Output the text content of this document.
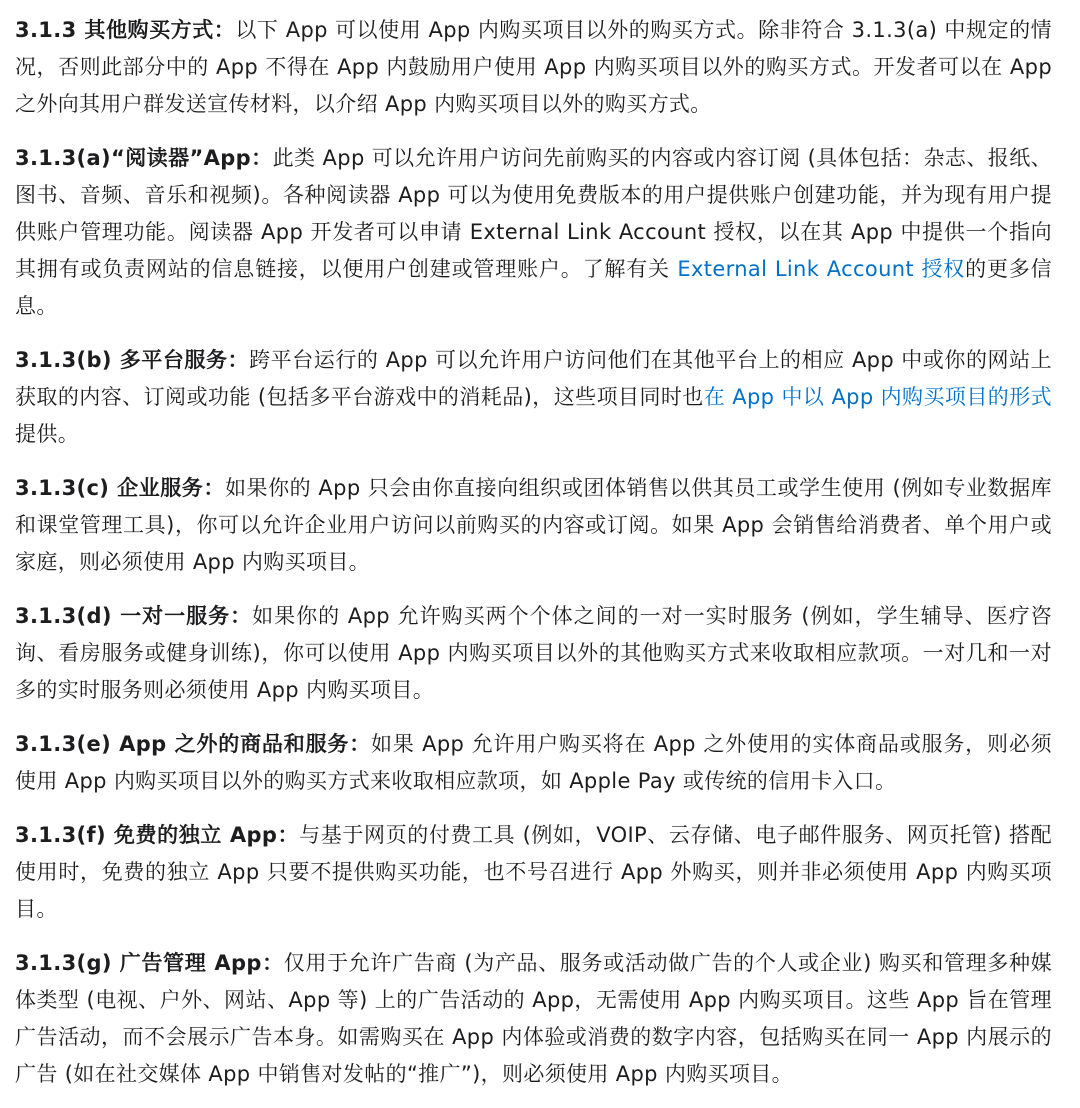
3.1.3 其他购买方式：以下 App 可以使用 App 内购买项目以外的购买方式。除非符合 3.1.3(a) 中规定的情况，否则此部分中的 App 不得在 App 内鼓励用户使用 App 内购买项目以外的购买方式。开发者可以在 App 之外向其用户群发送宣传材料，以介绍 App 内购买项目以外的购买方式。

3.1.3(a)“阅读器”App：此类 App 可以允许用户访问先前购买的内容或内容订阅 (具体包括：杂志、报纸、图书、音频、音乐和视频)。各种阅读器 App 可以为使用免费版本的用户提供账户创建功能，并为现有用户提供账户管理功能。阅读器 App 开发者可以申请 External Link Account 授权，以在其 App 中提供一个指向其拥有或负责网站的信息链接，以便用户创建或管理账户。了解有关 External Link Account 授权的更多信息。

3.1.3(b) 多平台服务：跨平台运行的 App 可以允许用户访问他们在其他平台上的相应 App 中或你的网站上获取的内容、订阅或功能 (包括多平台游戏中的消耗品)，这些项目同时也在 App 中以 App 内购买项目的形式提供。

3.1.3(c) 企业服务：如果你的 App 只会由你直接向组织或团体销售以供其员工或学生使用 (例如专业数据库和课堂管理工具)，你可以允许企业用户访问以前购买的内容或订阅。如果 App 会销售给消费者、单个用户或家庭，则必须使用 App 内购买项目。

3.1.3(d) 一对一服务：如果你的 App 允许购买两个个体之间的一对一实时服务 (例如，学生辅导、医疗咨询、看房服务或健身训练)，你可以使用 App 内购买项目以外的其他购买方式来收取相应款项。一对几和一对多的实时服务则必须使用 App 内购买项目。

3.1.3(e) App 之外的商品和服务：如果 App 允许用户购买将在 App 之外使用的实体商品或服务，则必须使用 App 内购买项目以外的购买方式来收取相应款项，如 Apple Pay 或传统的信用卡入口。

3.1.3(f) 免费的独立 App：与基于网页的付费工具 (例如，VOIP、云存储、电子邮件服务、网页托管) 搭配使用时，免费的独立 App 只要不提供购买功能，也不号召进行 App 外购买，则并非必须使用 App 内购买项目。

3.1.3(g) 广告管理 App：仅用于允许广告商 (为产品、服务或活动做广告的个人或企业) 购买和管理多种媒体类型 (电视、户外、网站、App 等) 上的广告活动的 App，无需使用 App 内购买项目。这些 App 旨在管理广告活动，而不会展示广告本身。如需购买在 App 内体验或消费的数字内容，包括购买在同一 App 内展示的广告 (如在社交媒体 App 中销售对发帖的“推广”)，则必须使用 App 内购买项目。
